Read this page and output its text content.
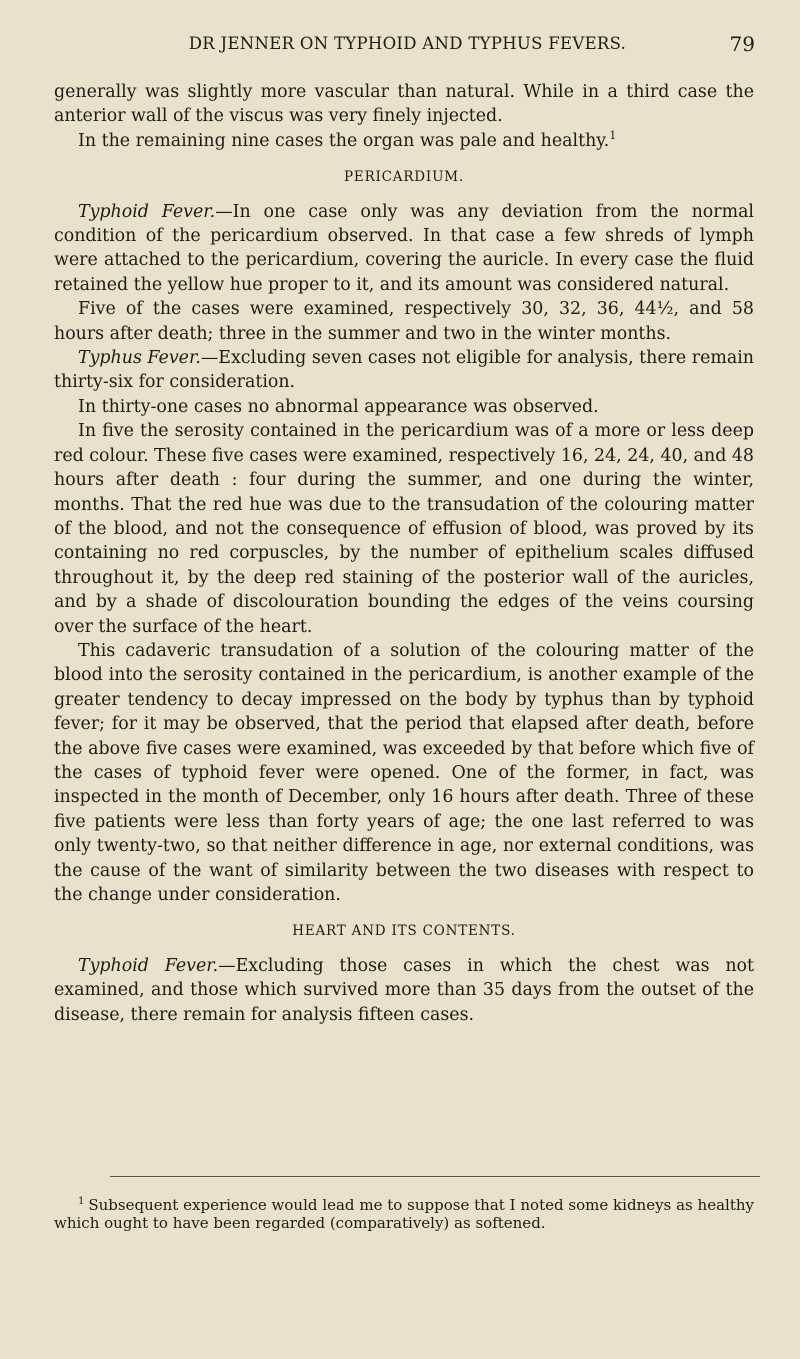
DR JENNER ON TYPHOID AND TYPHUS FEVERS.	79

generally was slightly more vascular than natural. While in a third case the anterior wall of the viscus was very finely injected.

In the remaining nine cases the organ was pale and healthy.$^1$

PERICARDIUM.

Typhoid Fever.—In one case only was any deviation from the normal condition of the pericardium observed. In that case a few shreds of lymph were attached to the pericardium, covering the auricle. In every case the fluid retained the yellow hue proper to it, and its amount was considered natural.

Five of the cases were examined, respectively 30, 32, 36, 44½, and 58 hours after death; three in the summer and two in the winter months.

Typhus Fever.—Excluding seven cases not eligible for analysis, there remain thirty-six for consideration.

In thirty-one cases no abnormal appearance was observed.

In five the serosity contained in the pericardium was of a more or less deep red colour. These five cases were examined, respectively 16, 24, 24, 40, and 48 hours after death : four during the summer, and one during the winter, months. That the red hue was due to the transudation of the colouring matter of the blood, and not the consequence of effusion of blood, was proved by its containing no red corpuscles, by the number of epithelium scales diffused throughout it, by the deep red staining of the posterior wall of the auricles, and by a shade of discolouration bounding the edges of the veins coursing over the surface of the heart.

This cadaveric transudation of a solution of the colouring matter of the blood into the serosity contained in the pericardium, is another example of the greater tendency to decay impressed on the body by typhus than by typhoid fever; for it may be observed, that the period that elapsed after death, before the above five cases were examined, was exceeded by that before which five of the cases of typhoid fever were opened. One of the former, in fact, was inspected in the month of December, only 16 hours after death. Three of these five patients were less than forty years of age; the one last referred to was only twenty-two, so that neither difference in age, nor external conditions, was the cause of the want of similarity between the two diseases with respect to the change under consideration.

HEART AND ITS CONTENTS.

Typhoid Fever.—Excluding those cases in which the chest was not examined, and those which survived more than 35 days from the outset of the disease, there remain for analysis fifteen cases.

$^1$ Subsequent experience would lead me to suppose that I noted some kidneys as healthy which ought to have been regarded (comparatively) as softened.
